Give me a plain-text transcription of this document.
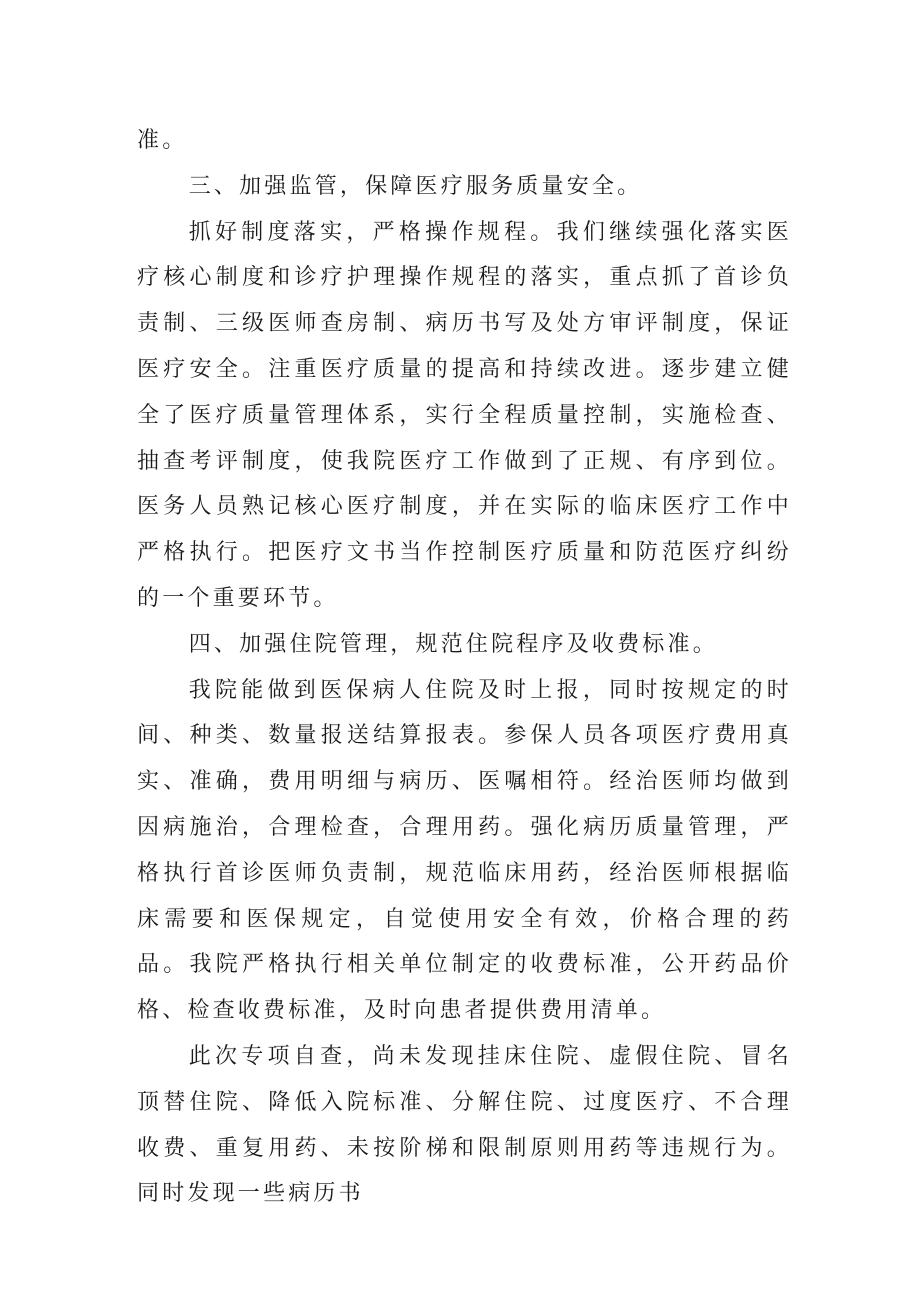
准。

三、加强监管，保障医疗服务质量安全。

抓好制度落实，严格操作规程。我们继续强化落实医疗核心制度和诊疗护理操作规程的落实，重点抓了首诊负责制、三级医师查房制、病历书写及处方审评制度，保证医疗安全。注重医疗质量的提高和持续改进。逐步建立健全了医疗质量管理体系，实行全程质量控制，实施检查、抽查考评制度，使我院医疗工作做到了正规、有序到位。医务人员熟记核心医疗制度，并在实际的临床医疗工作中严格执行。把医疗文书当作控制医疗质量和防范医疗纠纷的一个重要环节。

四、加强住院管理，规范住院程序及收费标准。

我院能做到医保病人住院及时上报，同时按规定的时间、种类、数量报送结算报表。参保人员各项医疗费用真实、准确，费用明细与病历、医嘱相符。经治医师均做到因病施治，合理检查，合理用药。强化病历质量管理，严格执行首诊医师负责制，规范临床用药，经治医师根据临床需要和医保规定，自觉使用安全有效，价格合理的药品。我院严格执行相关单位制定的收费标准，公开药品价格、检查收费标准，及时向患者提供费用清单。

此次专项自查，尚未发现挂床住院、虚假住院、冒名顶替住院、降低入院标准、分解住院、过度医疗、不合理收费、重复用药、未按阶梯和限制原则用药等违规行为。同时发现一些病历书
